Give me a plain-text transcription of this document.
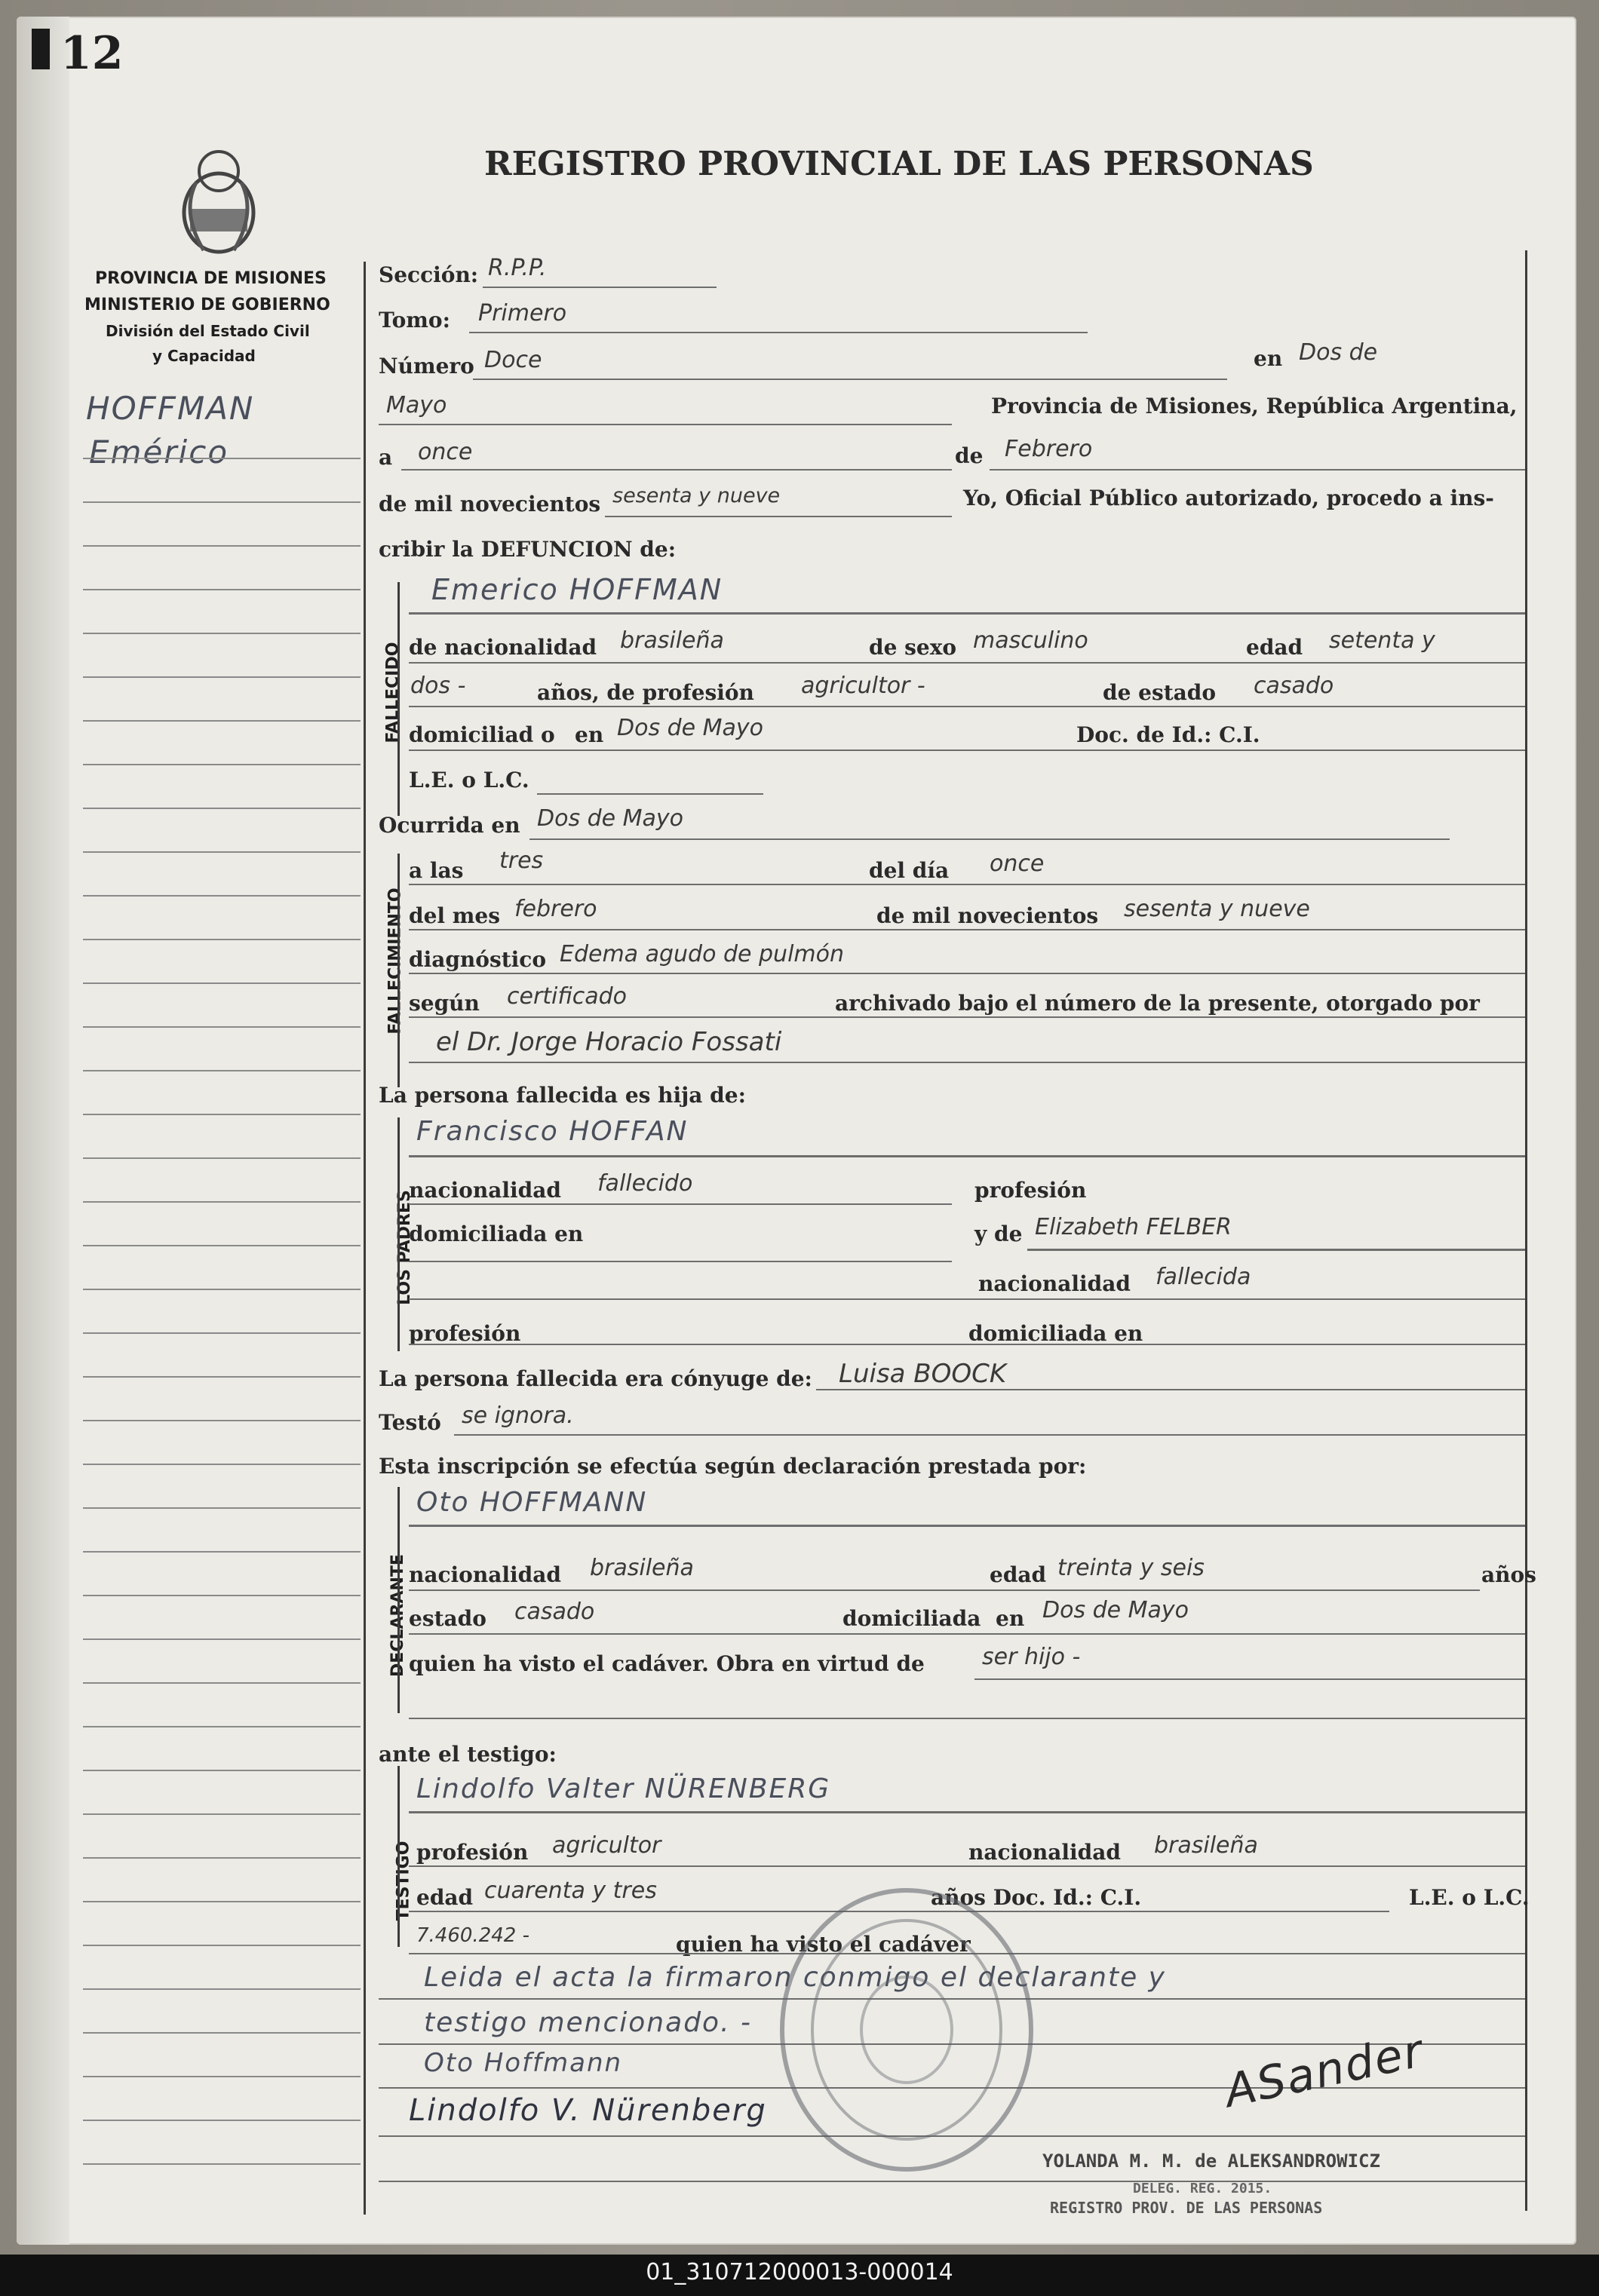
12
REGISTRO PROVINCIAL DE LAS PERSONAS
PROVINCIA DE MISIONES
MINISTERIO DE GOBIERNO
División del Estado Civil
y Capacidad
HOFFMAN
Emérico
Sección: R.P.P.
Tomo: Primero
Número Doce	en Dos de
Mayo	Provincia de Misiones, República Argentina,
a once	de Febrero
de mil novecientos sesenta y nueve	Yo, Oficial Público autorizado, procedo a ins-
cribir la DEFUNCION de:
FALLECIDO
Emerico HOFFMAN
de nacionalidad brasileña	de sexo masculino	edad setenta y
dos -	años, de profesión agricultor -	de estado casado
domiciliad o en Dos de Mayo	Doc. de Id.: C.I.
L.E. o L.C.
Ocurrida en Dos de Mayo
FALLECIMIENTO
a las tres	del día once
del mes febrero	de mil novecientos sesenta y nueve
diagnóstico Edema agudo de pulmón
según certificado	archivado bajo el número de la presente, otorgado por
el Dr. Jorge Horacio Fossati
La persona fallecida es hija de:
LOS PADRES
Francisco HOFFAN
nacionalidad fallecido	profesión
domiciliada en	y de Elizabeth FELBER
nacionalidad fallecida
profesión	domiciliada en
La persona fallecida era cónyuge de: Luisa BOOCK
Testó se ignora.
Esta inscripción se efectúa según declaración prestada por:
DECLARANTE
Oto HOFFMANN
nacionalidad brasileña	edad treinta y seis	años
estado casado	domiciliada en Dos de Mayo
quien ha visto el cadáver. Obra en virtud de	ser hijo -
ante el testigo:
TESTIGO
Lindolfo Valter NÜRENBERG
profesión agricultor	nacionalidad brasileña
edad cuarenta y tres	años Doc. Id.: C.I.	L.E. o L.C.
7.460.242 -	quien ha visto el cadáver
Leida el acta la firmaron conmigo el declarante y
testigo mencionado. -
Oto Hoffmann
Lindolfo V. Nürenberg	ASander
YOLANDA M. M. de ALEKSANDROWICZ
DELEG. REG. 2015.
REGISTRO PROV. DE LAS PERSONAS
01_310712000013-000014
